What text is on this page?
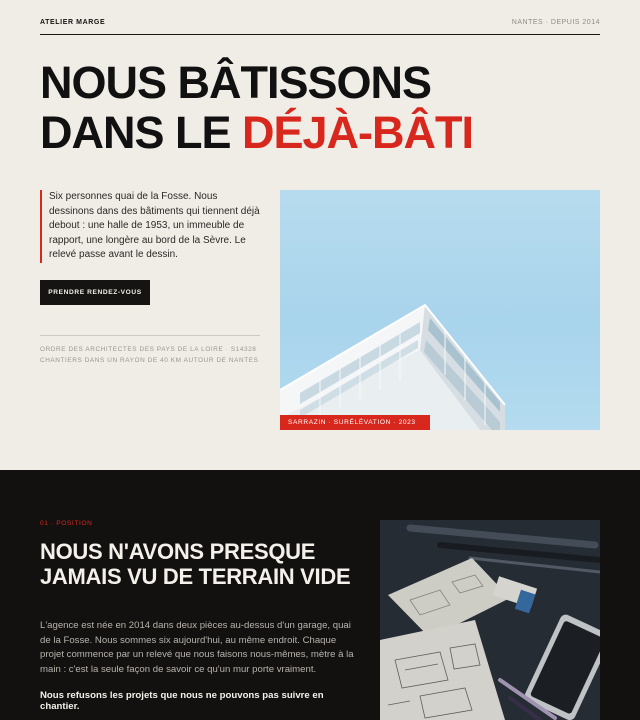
ATELIER MARGE	NANTES · DEPUIS 2014
NOUS BÂTISSONS
DANS LE DÉJÀ-BÂTI

Six personnes quai de la Fosse. Nous dessinons dans des bâtiments qui tiennent déjà debout : une halle de 1953, un immeuble de rapport, une longère au bord de la Sèvre. Le relevé passe avant le dessin.

PRENDRE RENDEZ-VOUS
ORDRE DES ARCHITECTES DES PAYS DE LA LOIRE · S14328
CHANTIERS DANS UN RAYON DE 40 KM AUTOUR DE NANTES
SARRAZIN · SURÉLÉVATION · 2023
01 · POSITION
NOUS N'AVONS PRESQUE JAMAIS VU DE TERRAIN VIDE

L'agence est née en 2014 dans deux pièces au-dessus d'un garage, quai de la Fosse. Nous sommes six aujourd'hui, au même endroit. Chaque projet commence par un relevé que nous faisons nous-mêmes, mètre à la main : c'est la seule façon de savoir ce qu'un mur porte vraiment.

Nous refusons les projets que nous ne pouvons pas suivre en chantier.
